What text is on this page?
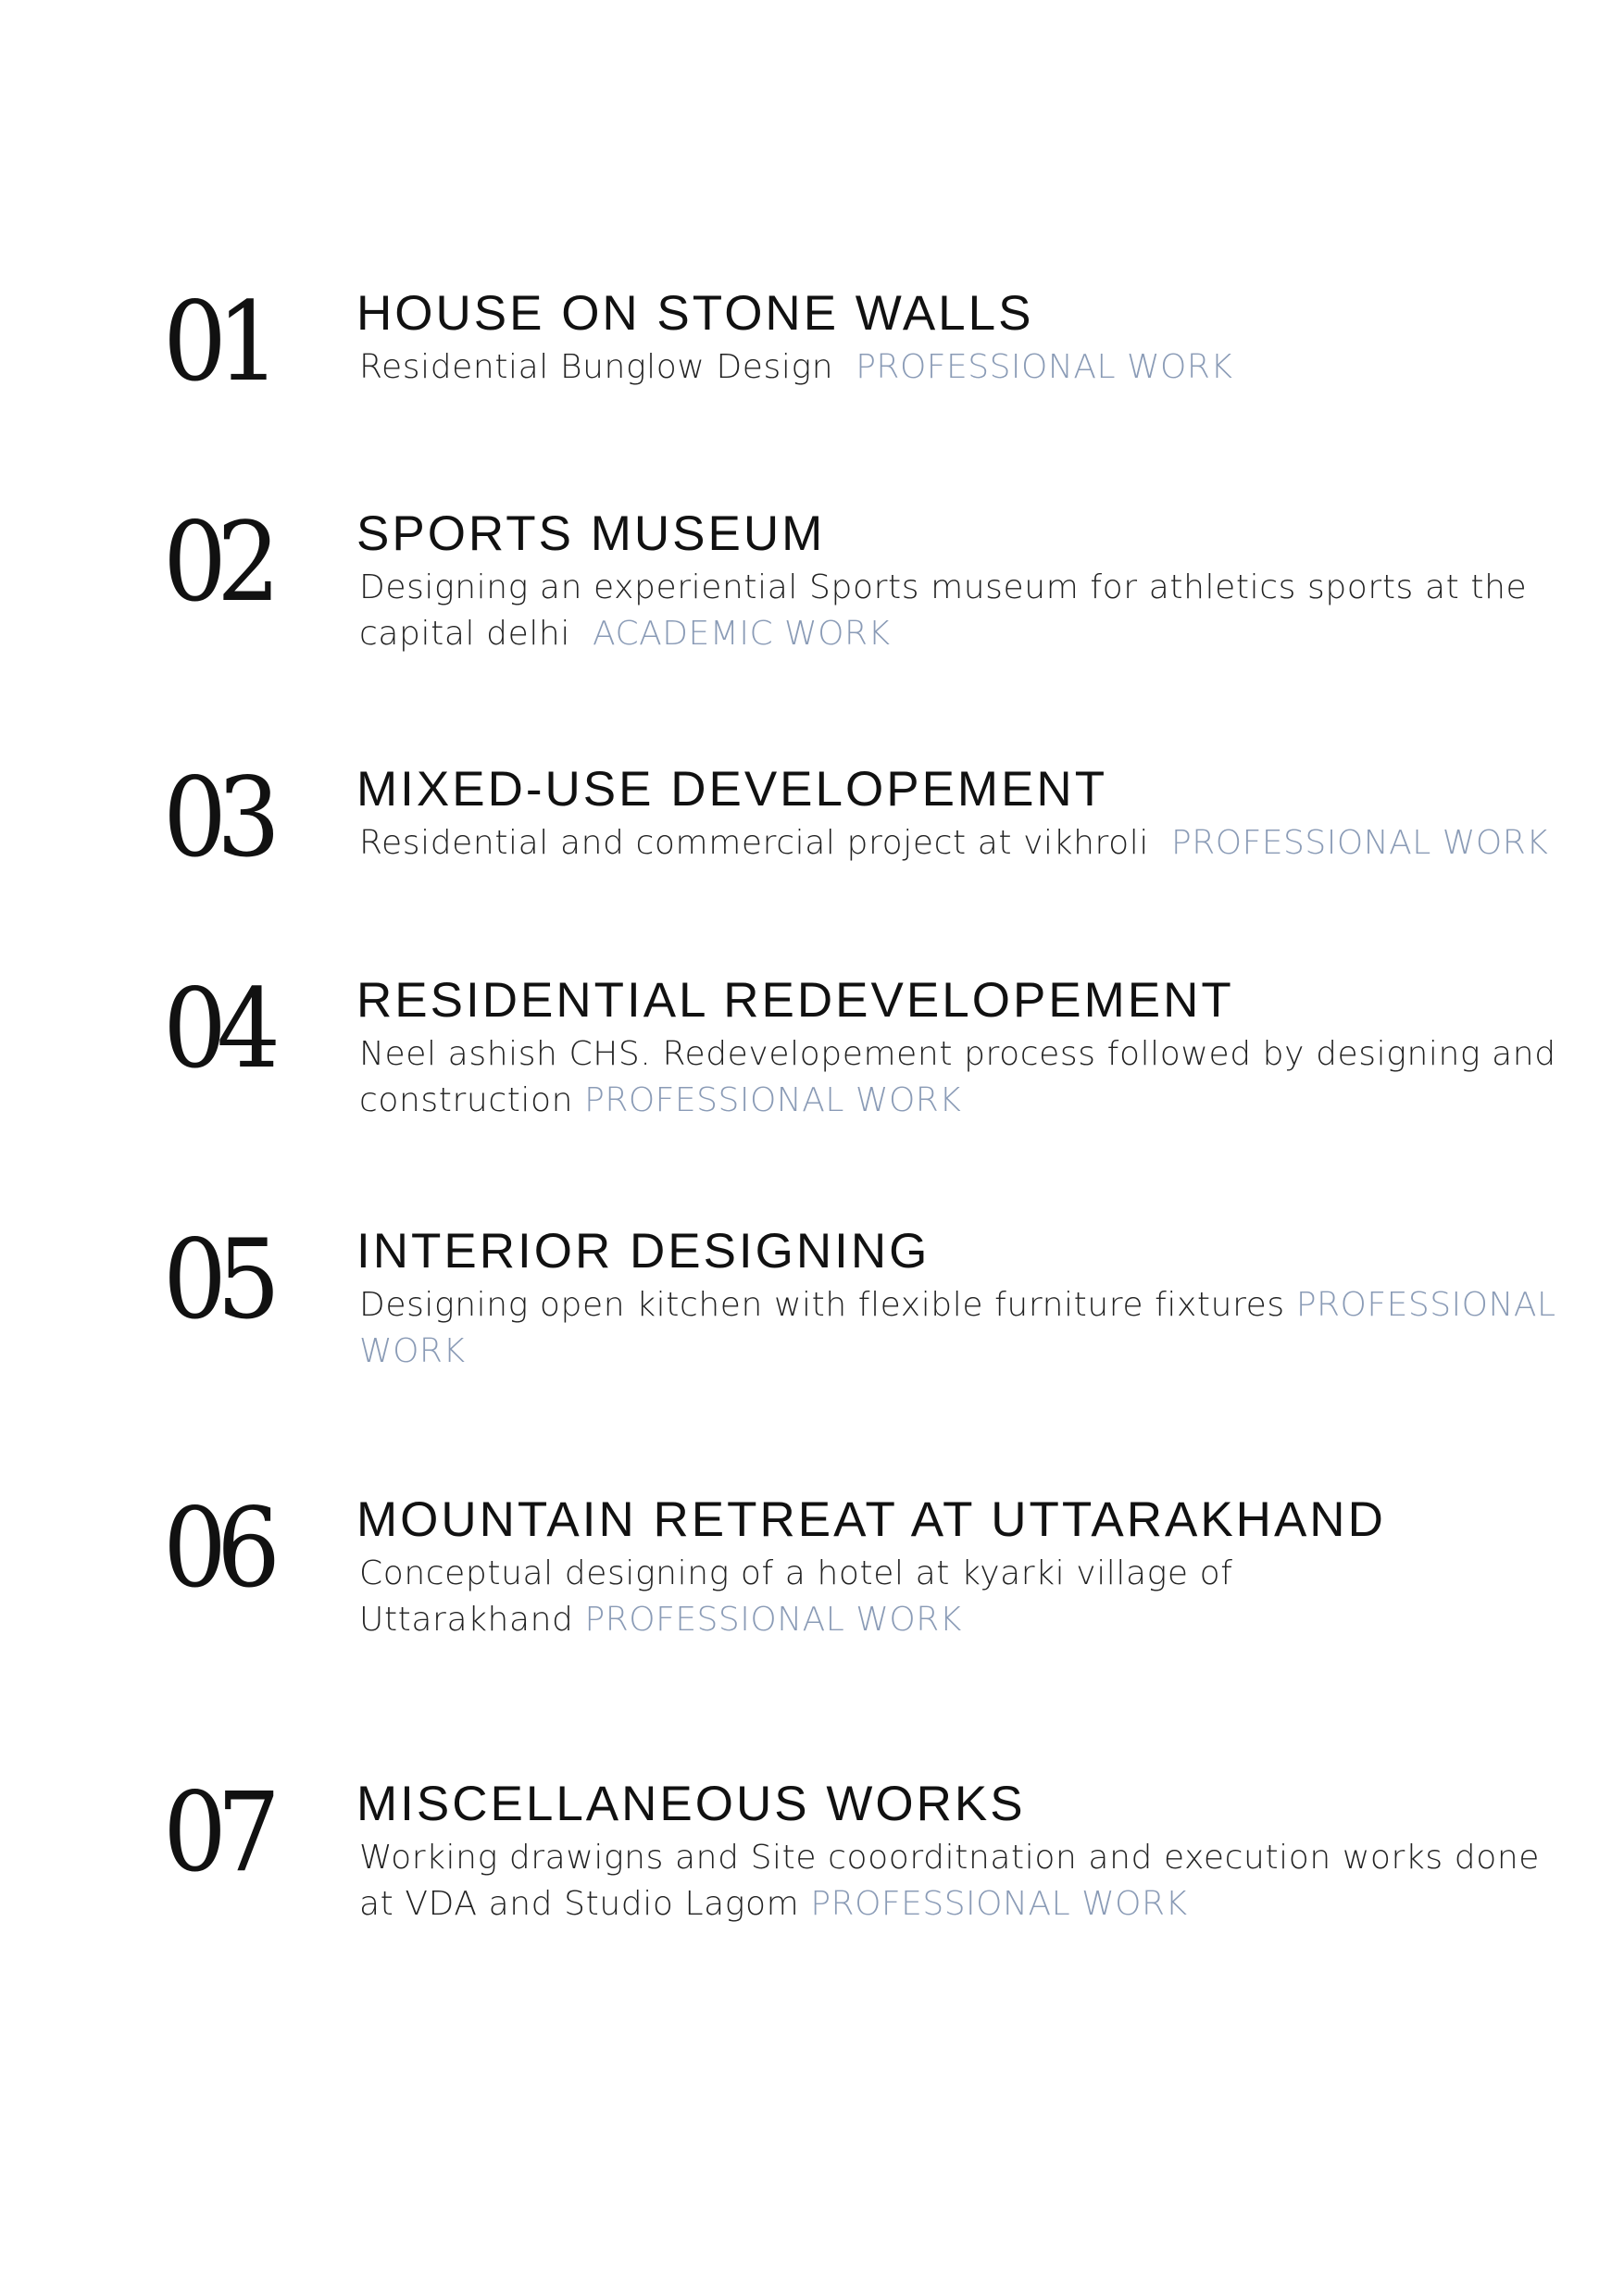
01 HOUSE ON STONE WALLS
Residential Bunglow Design PROFESSIONAL WORK
02 SPORTS MUSEUM
Designing an experiential Sports museum for athletics sports at the capital delhi ACADEMIC WORK
03 MIXED-USE DEVELOPEMENT
Residential and commercial project at vikhroli PROFESSIONAL WORK
04 RESIDENTIAL REDEVELOPEMENT
Neel ashish CHS. Redevelopement process followed by designing and construction PROFESSIONAL WORK
05 INTERIOR DESIGNING
Designing open kitchen with flexible furniture fixtures PROFESSIONAL WORK
06 MOUNTAIN RETREAT AT UTTARAKHAND
Conceptual designing of a hotel at kyarki village of Uttarakhand PROFESSIONAL WORK
07 MISCELLANEOUS WORKS
Working drawigns and Site cooorditnation and execution works done at VDA and Studio Lagom PROFESSIONAL WORK
